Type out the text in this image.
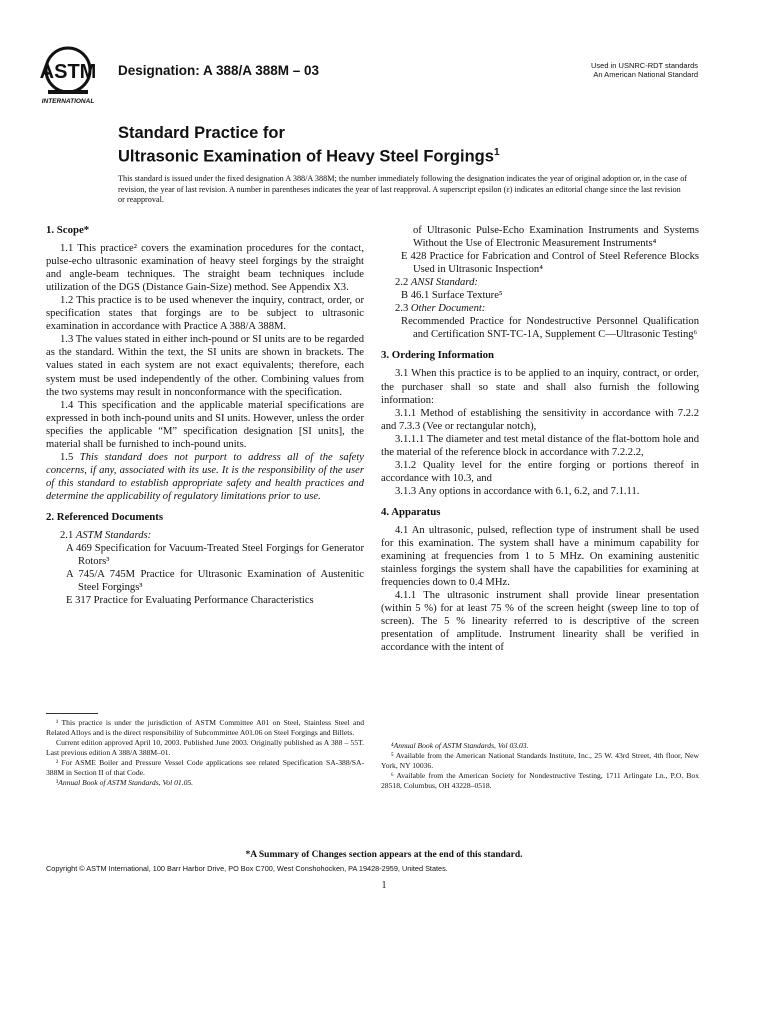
ASTM
INTERNATIONAL
Designation: A 388/A 388M – 03	Used in USNRC-RDT standards
An American National Standard
Standard Practice for
Ultrasonic Examination of Heavy Steel Forgings$^1$
This standard is issued under the fixed designation A 388/A 388M; the number immediately following the designation indicates the year of original adoption or, in the case of revision, the year of last revision. A number in parentheses indicates the year of last reapproval. A superscript epsilon (ε) indicates an editorial change since the last revision or reapproval.
1. Scope*

1.1 This practice² covers the examination procedures for the contact, pulse-echo ultrasonic examination of heavy steel forgings by the straight and angle-beam techniques. The straight beam techniques include utilization of the DGS (Distance Gain-Size) method. See Appendix X3.

1.2 This practice is to be used whenever the inquiry, contract, order, or specification states that forgings are to be subject to ultrasonic examination in accordance with Practice A 388/A 388M.

1.3 The values stated in either inch-pound or SI units are to be regarded as the standard. Within the text, the SI units are shown in brackets. The values stated in each system are not exact equivalents; therefore, each system must be used independently of the other. Combining values from the two systems may result in nonconformance with the specification.

1.4 This specification and the applicable material specifications are expressed in both inch-pound units and SI units. However, unless the order specifies the applicable “M” specification designation [SI units], the material shall be furnished to inch-pound units.

1.5 This standard does not purport to address all of the safety concerns, if any, associated with its use. It is the responsibility of the user of this standard to establish appropriate safety and health practices and determine the applicability of regulatory limitations prior to use.

2. Referenced Documents

2.1 ASTM Standards:

A 469 Specification for Vacuum-Treated Steel Forgings for Generator Rotors³

A 745/A 745M Practice for Ultrasonic Examination of Austenitic Steel Forgings³

E 317 Practice for Evaluating Performance Characteristics

of Ultrasonic Pulse-Echo Examination Instruments and Systems Without the Use of Electronic Measurement Instruments⁴

E 428 Practice for Fabrication and Control of Steel Reference Blocks Used in Ultrasonic Inspection⁴

2.2 ANSI Standard:

B 46.1 Surface Texture⁵

2.3 Other Document:

Recommended Practice for Nondestructive Personnel Qualification and Certification SNT-TC-1A, Supplement C—Ultrasonic Testing⁶

3. Ordering Information

3.1 When this practice is to be applied to an inquiry, contract, or order, the purchaser shall so state and shall also furnish the following information:

3.1.1 Method of establishing the sensitivity in accordance with 7.2.2 and 7.3.3 (Vee or rectangular notch),

3.1.1.1 The diameter and test metal distance of the flat-bottom hole and the material of the reference block in accordance with 7.2.2.2,

3.1.2 Quality level for the entire forging or portions thereof in accordance with 10.3, and

3.1.3 Any options in accordance with 6.1, 6.2, and 7.1.11.

4. Apparatus

4.1 An ultrasonic, pulsed, reflection type of instrument shall be used for this examination. The system shall have a minimum capability for examining at frequencies from 1 to 5 MHz. On examining austenitic stainless forgings the system shall have the capabilities for examining at frequencies down to 0.4 MHz.

4.1.1 The ultrasonic instrument shall provide linear presentation (within 5 %) for at least 75 % of the screen height (sweep line to top of screen). The 5 % linearity referred to is descriptive of the screen presentation of amplitude. Instrument linearity shall be verified in accordance with the intent of

¹ This practice is under the jurisdiction of ASTM Committee A01 on Steel, Stainless Steel and Related Alloys and is the direct responsibility of Subcommittee A01.06 on Steel Forgings and Billets.

Current edition approved April 10, 2003. Published June 2003. Originally published as A 388 – 55T. Last previous edition A 388/A 388M–01.

² For ASME Boiler and Pressure Vessel Code applications see related Specification SA-388/SA-388M in Section II of that Code.

³Annual Book of ASTM Standards, Vol 01.05.

⁴Annual Book of ASTM Standards, Vol 03.03.

⁵ Available from the American National Standards Institute, Inc., 25 W. 43rd Street, 4th floor, New York, NY 10036.

⁶ Available from the American Society for Nondestructive Testing, 1711 Arlingate Ln., P.O. Box 28518, Columbus, OH 43228–0518.

*A Summary of Changes section appears at the end of this standard.
Copyright © ASTM International, 100 Barr Harbor Drive, PO Box C700, West Conshohocken, PA 19428-2959, United States.
1
